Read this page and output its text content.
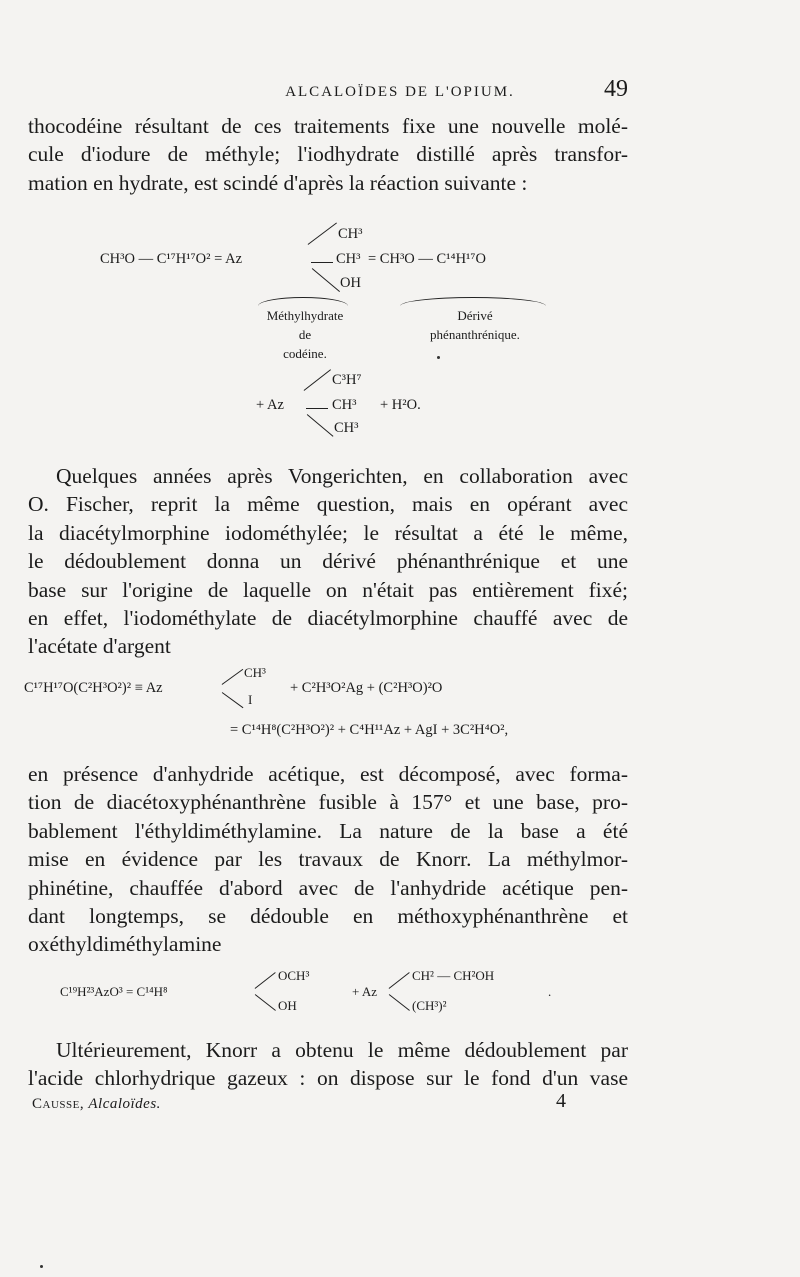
ALCALOÏDES DE L'OPIUM.	49
thocodéine résultant de ces traitements fixe une nouvelle molé-
cule d'iodure de méthyle; l'iodhydrate distillé après transfor-
mation en hydrate, est scindé d'après la réaction suivante :
CH³
CH³O — C¹⁷H¹⁷O² = Az	CH³ = CH³O — C¹⁴H¹⁷O
OH
Méthylhydrate
de
codéine.
Dérivé
phénanthrénique.
C³H⁷
+ Az	CH³ + H²O.
CH³
Quelques années après Vongerichten, en collaboration avec
O. Fischer, reprit la même question, mais en opérant avec
la diacétylmorphine iodométhylée; le résultat a été le même,
le dédoublement donna un dérivé phénanthrénique et une
base sur l'origine de laquelle on n'était pas entièrement fixé;
en effet, l'iodométhylate de diacétylmorphine chauffé avec de
l'acétate d'argent
C¹⁷H¹⁷O(C²H³O²)² ≡ Az
CH³
I
+ C²H³O²Ag + (C²H³O)²O
= C¹⁴H⁸(C²H³O²)² + C⁴H¹¹Az + AgI + 3C²H⁴O²,
en présence d'anhydride acétique, est décomposé, avec forma-
tion de diacétoxyphénanthrène fusible à 157° et une base, pro-
bablement l'éthyldiméthylamine. La nature de la base a été
mise en évidence par les travaux de Knorr. La méthylmor-
phinétine, chauffée d'abord avec de l'anhydride acétique pen-
dant longtemps, se dédouble en méthoxyphénanthrène et
oxéthyldiméthylamine
C¹⁹H²³AzO³ = C¹⁴H⁸
OCH³
OH
+ Az
CH² — CH²OH
(CH³)²
.
Ultérieurement, Knorr a obtenu le même dédoublement par
l'acide chlorhydrique gazeux : on dispose sur le fond d'un vase
Causse, Alcaloïdes.	4
